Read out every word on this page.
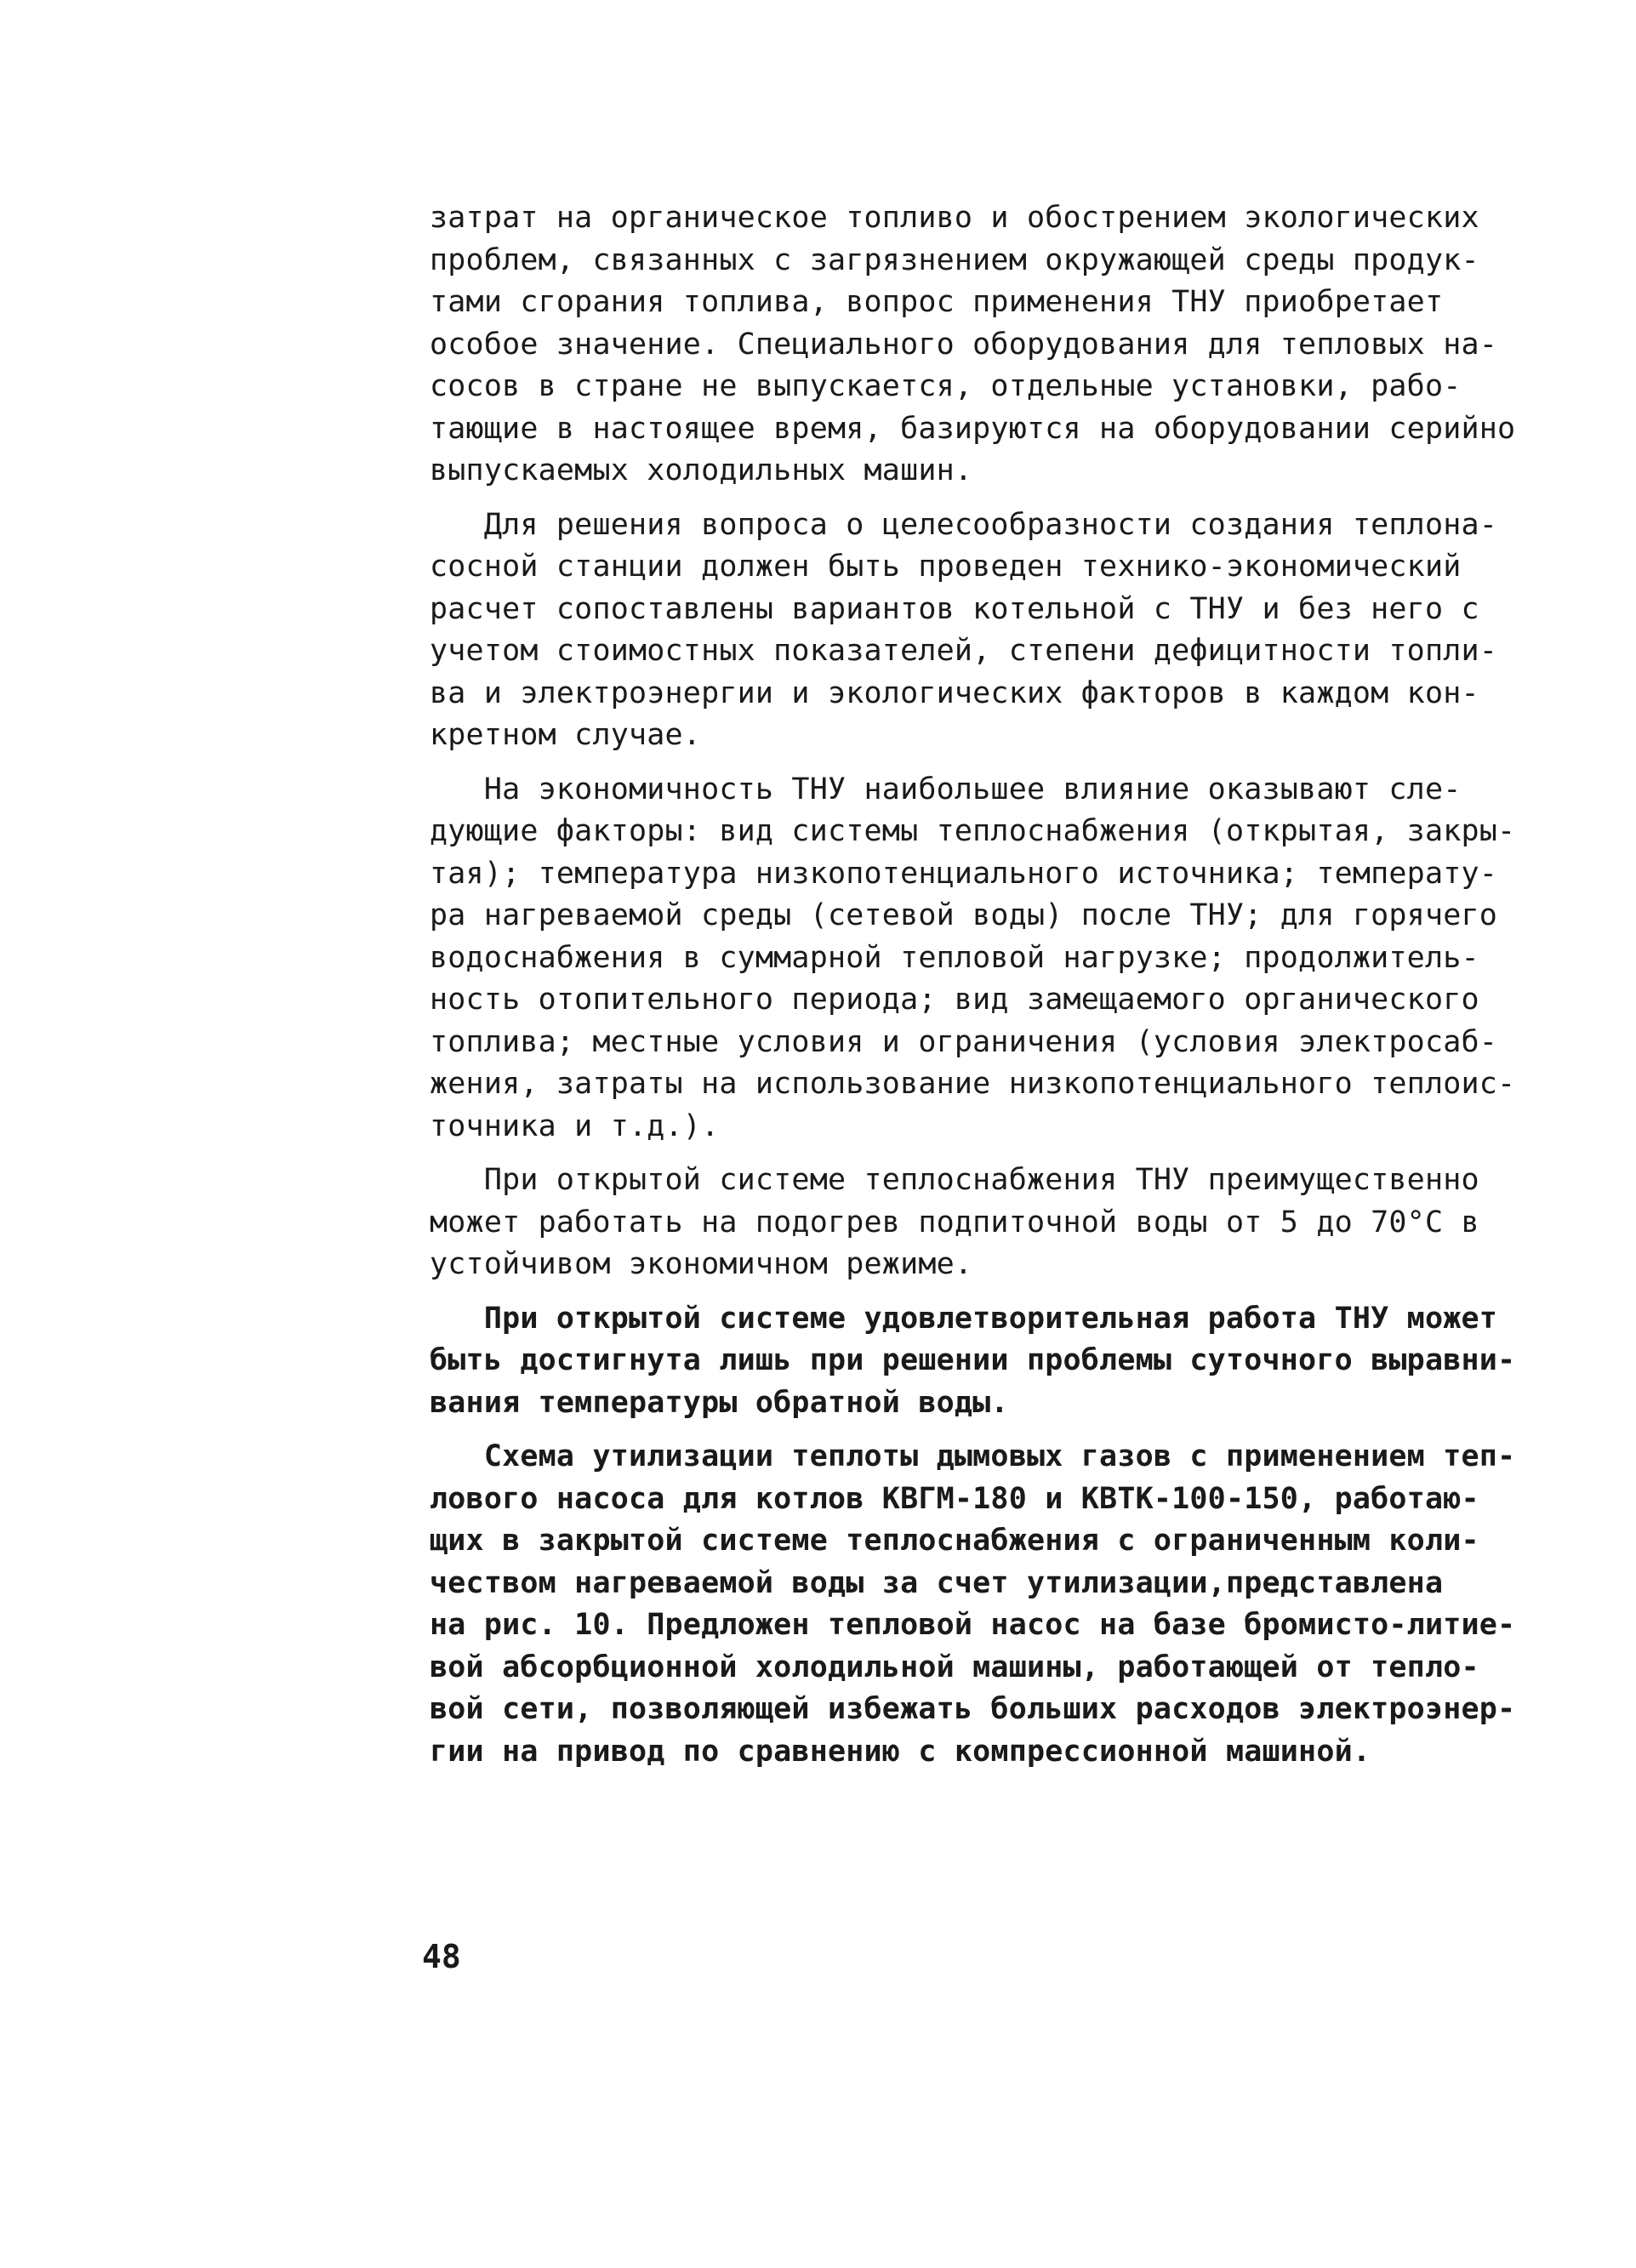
затрат на органическое топливо и обострением экологических
проблем, связанных с загрязнением окружающей среды продук-
тами сгорания топлива, вопрос применения ТНУ приобретает
особое значение. Специального оборудования для тепловых на-
сосов в стране не выпускается, отдельные установки, рабо-
тающие в настоящее время, базируются на оборудовании серийно
выпускаемых холодильных машин.
Для решения вопроса о целесообразности создания теплона-
сосной станции должен быть проведен технико-экономический
расчет сопоставлены вариантов котельной с ТНУ и без него с
учетом стоимостных показателей, степени дефицитности топли-
ва и электроэнергии и экологических факторов в каждом кон-
кретном случае.
На экономичность ТНУ наибольшее влияние оказывают сле-
дующие факторы: вид системы теплоснабжения (открытая, закры-
тая); температура низкопотенциального источника; температу-
ра нагреваемой среды (сетевой воды) после ТНУ; для горячего
водоснабжения в суммарной тепловой нагрузке; продолжитель-
ность отопительного периода; вид замещаемого органического
топлива; местные условия и ограничения (условия электросаб-
жения, затраты на использование низкопотенциального теплоис-
точника и т.д.).
При открытой системе теплоснабжения ТНУ преимущественно
может работать на подогрев подпиточной воды от 5 до 70°С в
устойчивом экономичном режиме.
При открытой системе удовлетворительная работа ТНУ может
быть достигнута лишь при решении проблемы суточного выравни-
вания температуры обратной воды.
Схема утилизации теплоты дымовых газов с применением теп-
лового насоса для котлов КВГМ-180 и КВТК-100-150, работаю-
щих в закрытой системе теплоснабжения с ограниченным коли-
чеством нагреваемой воды за счет утилизации,представлена
на рис. 10. Предложен тепловой насос на базе бромисто-литие-
вой абсорбционной холодильной машины, работающей от тепло-
вой сети, позволяющей избежать больших расходов электроэнер-
гии на привод по сравнению с компрессионной машиной.
48
